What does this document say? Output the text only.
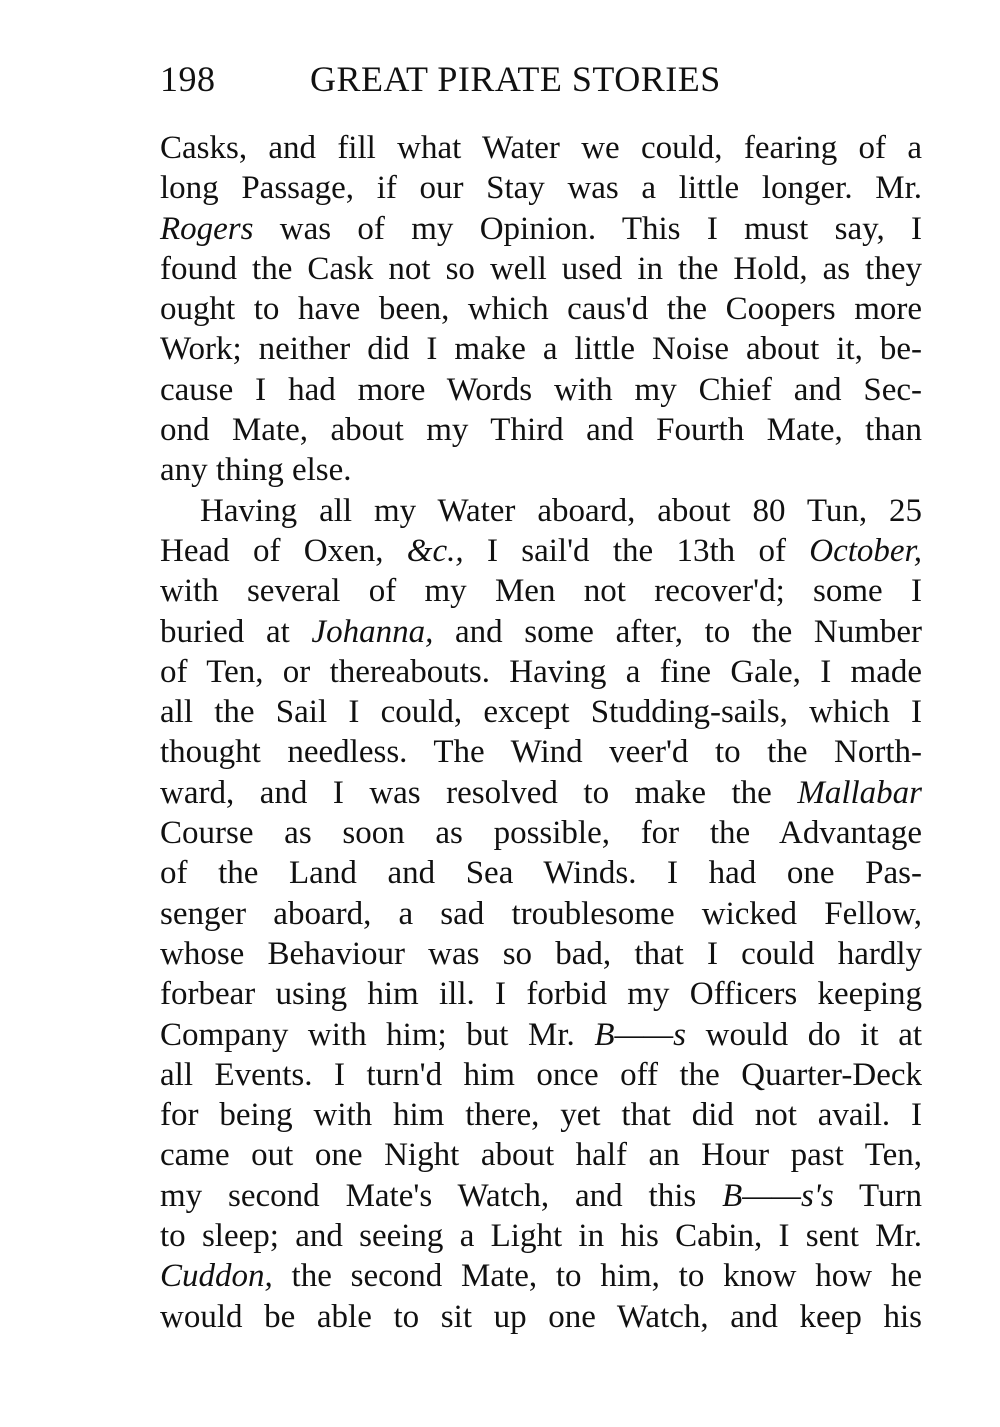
198	GREAT PIRATE STORIES
Casks, and fill what Water we could, fearing of a
long Passage, if our Stay was a little longer. Mr.
Rogers was of my Opinion. This I must say, I
found the Cask not so well used in the Hold, as they
ought to have been, which caus'd the Coopers more
Work; neither did I make a little Noise about it, be-
cause I had more Words with my Chief and Sec-
ond Mate, about my Third and Fourth Mate, than
any thing else.
Having all my Water aboard, about 80 Tun, 25
Head of Oxen, &c., I sail'd the 13th of October,
with several of my Men not recover'd; some I
buried at Johanna, and some after, to the Number
of Ten, or thereabouts. Having a fine Gale, I made
all the Sail I could, except Studding-sails, which I
thought needless. The Wind veer'd to the North-
ward, and I was resolved to make the Mallabar
Course as soon as possible, for the Advantage
of the Land and Sea Winds. I had one Pas-
senger aboard, a sad troublesome wicked Fellow,
whose Behaviour was so bad, that I could hardly
forbear using him ill. I forbid my Officers keeping
Company with him; but Mr. B——s would do it at
all Events. I turn'd him once off the Quarter-Deck
for being with him there, yet that did not avail. I
came out one Night about half an Hour past Ten,
my second Mate's Watch, and this B——s's Turn
to sleep; and seeing a Light in his Cabin, I sent Mr.
Cuddon, the second Mate, to him, to know how he
would be able to sit up one Watch, and keep his
